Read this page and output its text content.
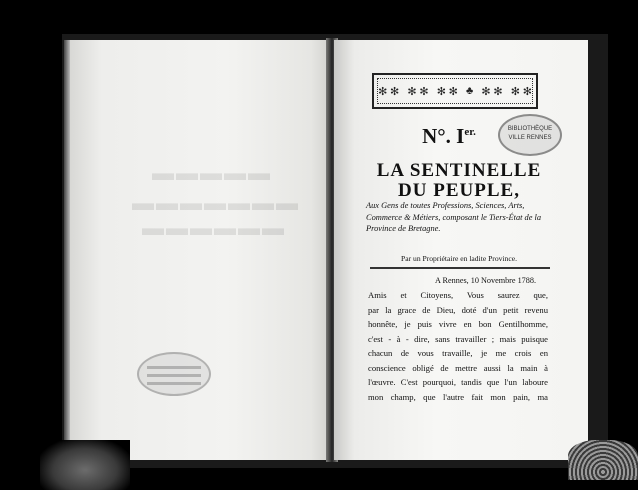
▬▬▬▬▬
▬▬▬▬▬▬▬
▬▬▬▬▬▬
✻ ✻ ✻ ✻ ✻ ✻ ♣ ✻ ✻ ✻ ✻
N°. $I^{er.}$	BIBLIOTHÈQUE
VILLE RENNES
LA SENTINELLE
DU PEUPLE,
Aux Gens de toutes Professions, Sciences, Arts, Commerce & Métiers, composant le Tiers-État de la Province de Bretagne.
Par un Propriétaire en ladite Province.
A Rennes, 10 Novembre 1788.
Amis et Citoyens, Vous saurez que,
par la grace de Dieu, doté d'un petit revenu
honnête, je puis vivre en bon Gentilhomme,
c'est - à - dire, sans travailler ; mais puisque
chacun de vous travaille, je me crois en
conscience obligé de mettre aussi la main à
l'œuvre. C'est pourquoi, tandis que l'un laboure
mon champ, que l'autre fait mon pain, ma
